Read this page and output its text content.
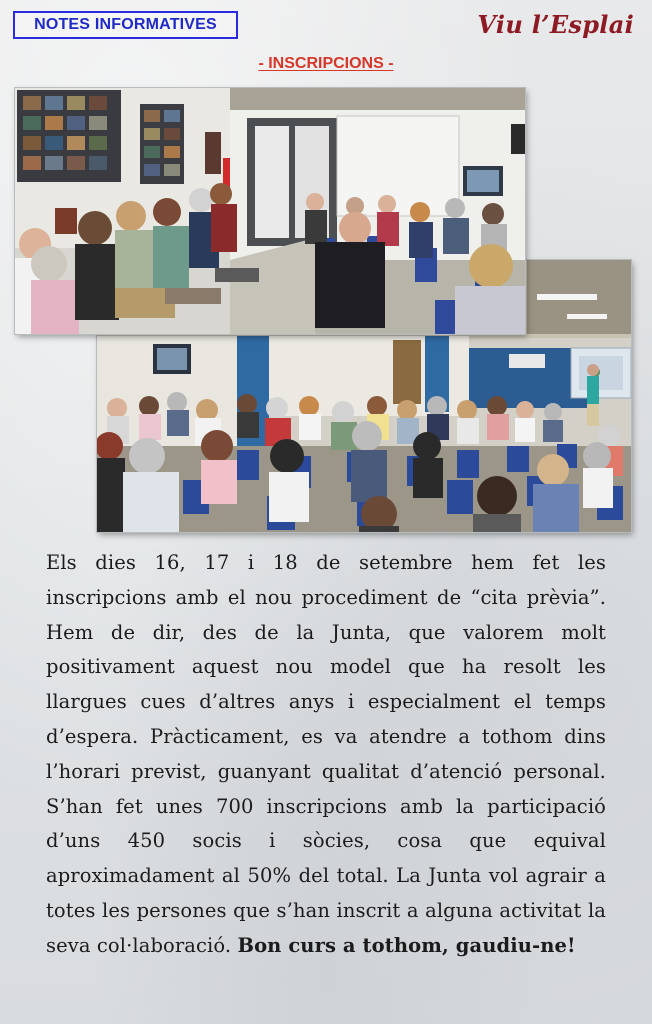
NOTES INFORMATIVES	Viu l’Esplai
- INSCRIPCIONS -
Els dies 16, 17 i 18 de setembre hem fet les inscripcions amb el nou procediment de “cita prèvia”. Hem de dir, des de la Junta, que valorem molt positivament aquest nou model que ha resolt les llargues cues d’altres anys i especialment el temps d’espera. Pràcticament, es va atendre a tothom dins l’horari previst, guanyant qualitat d’atenció personal. S’han fet unes 700 inscripcions amb la participació d’uns 450 socis i sòcies, cosa que equival aproximadament al 50% del total. La Junta vol agrair a totes les persones que s’han inscrit a alguna activitat la seva col·laboració. Bon curs a tothom, gaudiu-ne!
